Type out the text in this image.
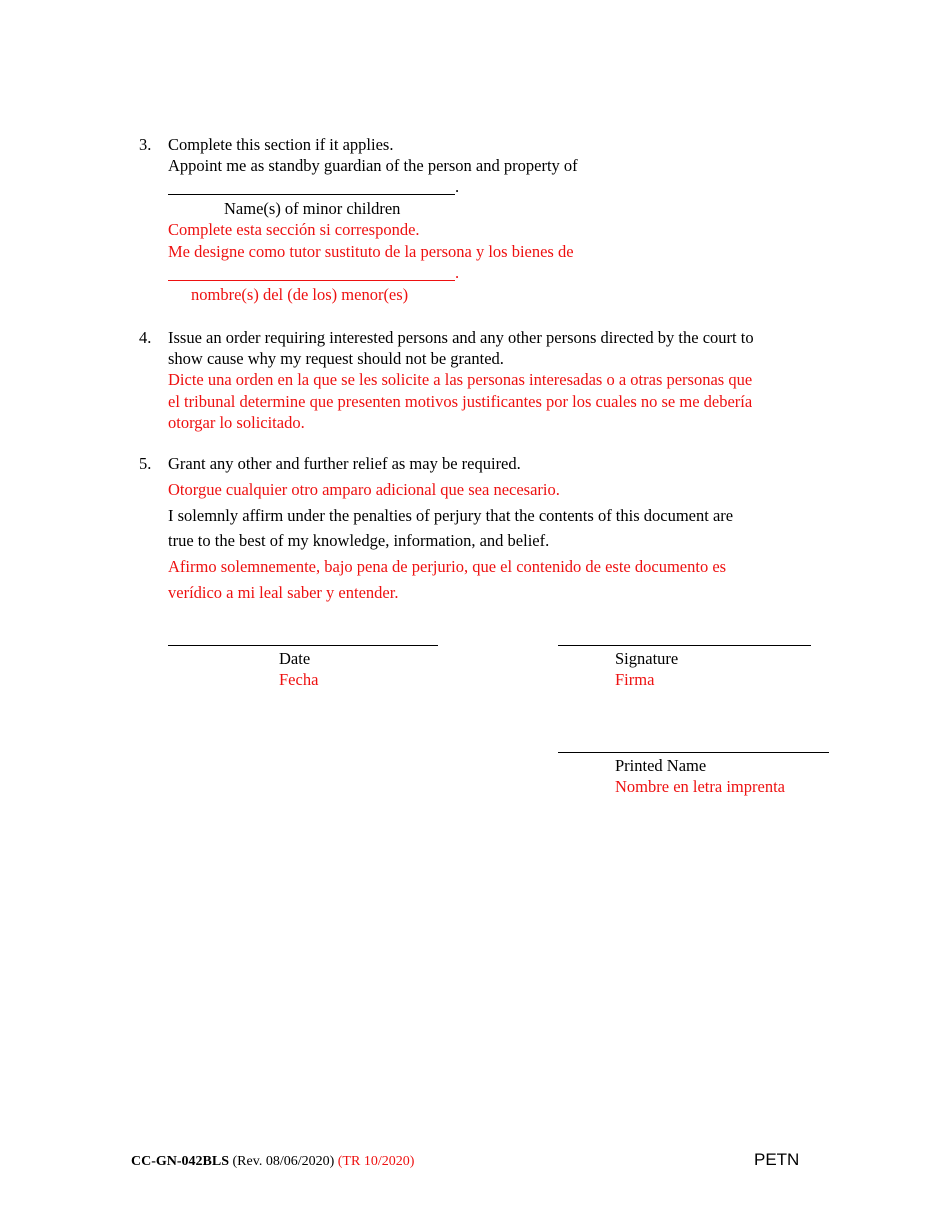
3. Complete this section if it applies.
Appoint me as standby guardian of the person and property of
.
Name(s) of minor children
Complete esta sección si corresponde.
Me designe como tutor sustituto de la persona y los bienes de
.
nombre(s) del (de los) menor(es)
4. Issue an order requiring interested persons and any other persons directed by the court to
show cause why my request should not be granted.
Dicte una orden en la que se les solicite a las personas interesadas o a otras personas que
el tribunal determine que presenten motivos justificantes por los cuales no se me debería
otorgar lo solicitado.
5. Grant any other and further relief as may be required.
Otorgue cualquier otro amparo adicional que sea necesario.
I solemnly affirm under the penalties of perjury that the contents of this document are
true to the best of my knowledge, information, and belief.
Afirmo solemnemente, bajo pena de perjurio, que el contenido de este documento es
verídico a mi leal saber y entender.
Date
Fecha
Signature
Firma
Printed Name
Nombre en letra imprenta
CC-GN-042BLS (Rev. 08/06/2020) (TR 10/2020)	PETN
